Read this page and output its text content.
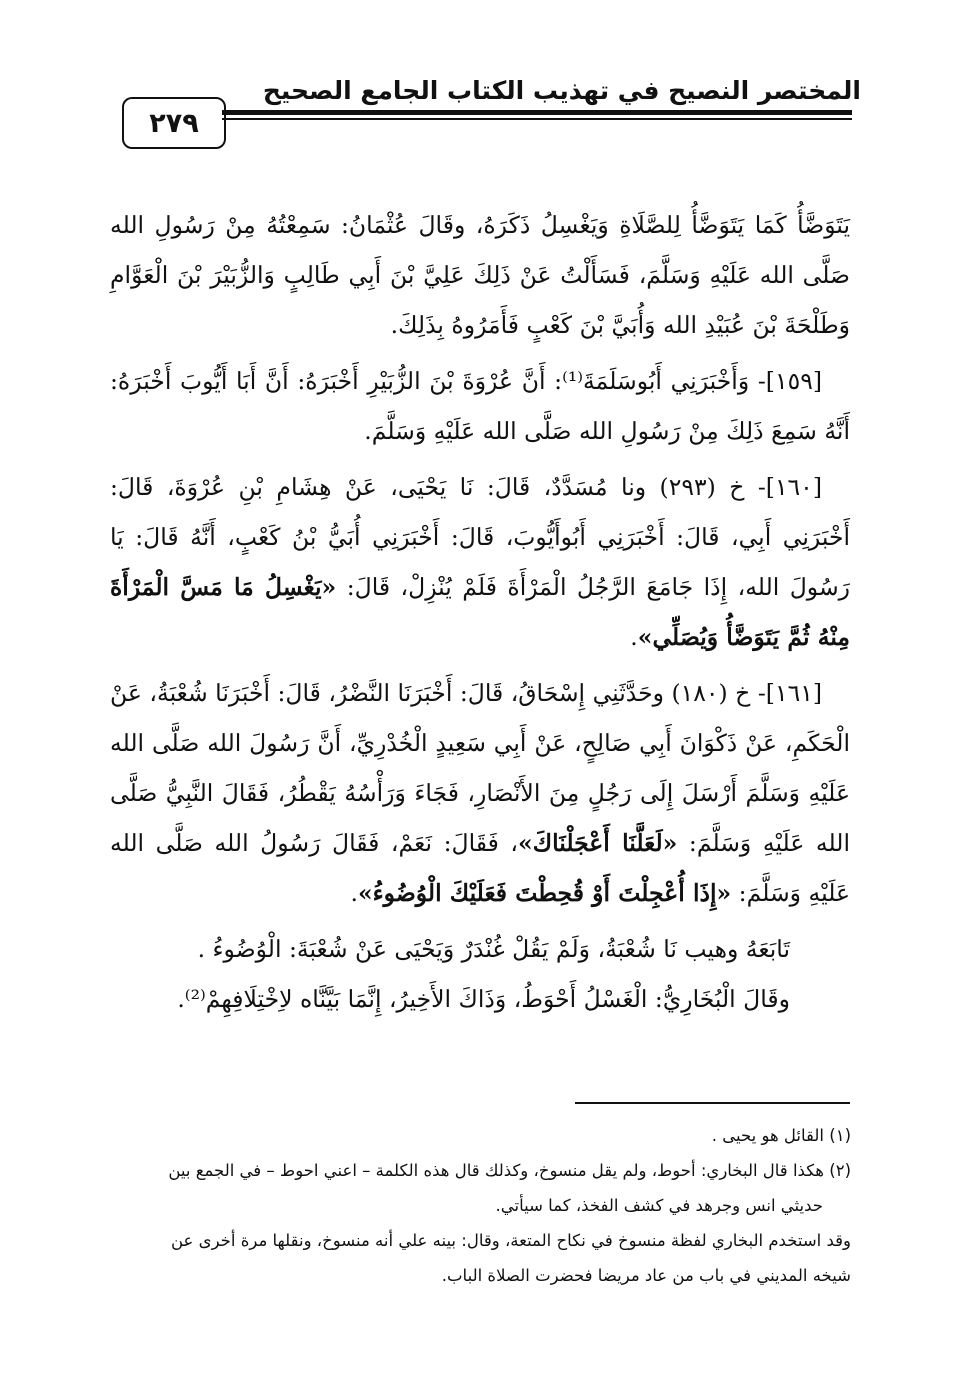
المختصر النصيح في تهذيب الكتاب الجامع الصحيح
٢٧٩

يَتَوَضَّأُ كَمَا يَتَوَضَّأُ لِلصَّلَاةِ وَيَغْسِلُ ذَكَرَهُ، وقَالَ عُثْمَانُ: سَمِعْتُهُ مِنْ رَسُولِ الله صَلَّى الله عَلَيْهِ وَسَلَّمَ، فَسَأَلْتُ عَنْ ذَلِكَ عَلِيَّ بْنَ أَبِي طَالِبٍ وَالزُّبَيْرَ بْنَ الْعَوَّامِ وَطَلْحَةَ بْنَ عُبَيْدِ الله وَأُبَيَّ بْنَ كَعْبٍ فَأَمَرُوهُ بِذَلِكَ.

[١٥٩]- وَأَخْبَرَنِي أَبُوسَلَمَةَ⁽¹⁾: أَنَّ عُرْوَةَ بْنَ الزُّبَيْرِ أَخْبَرَهُ: أَنَّ أَبَا أَيُّوبَ أَخْبَرَهُ: أَنَّهُ سَمِعَ ذَلِكَ مِنْ رَسُولِ الله صَلَّى الله عَلَيْهِ وَسَلَّمَ.

[١٦٠]- خ (٢٩٣) ونا مُسَدَّدٌ، قَالَ: نَا يَحْيَى، عَنْ هِشَامِ بْنِ عُرْوَةَ، قَالَ: أَخْبَرَنِي أَبِي، قَالَ: أَخْبَرَنِي أَبُوأَيُّوبَ، قَالَ: أَخْبَرَنِي أُبَيُّ بْنُ كَعْبٍ، أَنَّهُ قَالَ: يَا رَسُولَ الله، إِذَا جَامَعَ الرَّجُلُ الْمَرْأَةَ فَلَمْ يُنْزِلْ، قَالَ: «يَغْسِلُ مَا مَسَّ الْمَرْأَةَ مِنْهُ ثُمَّ يَتَوَضَّأُ وَيُصَلِّي».

[١٦١]- خ (١٨٠) وحَدَّثَنِي إِسْحَاقُ، قَالَ: أَخْبَرَنَا النَّضْرُ، قَالَ: أَخْبَرَنَا شُعْبَةُ، عَنْ الْحَكَمِ، عَنْ ذَكْوَانَ أَبِي صَالِحٍ، عَنْ أَبِي سَعِيدٍ الْخُدْرِيِّ، أَنَّ رَسُولَ الله صَلَّى الله عَلَيْهِ وَسَلَّمَ أَرْسَلَ إِلَى رَجُلٍ مِنَ الأَنْصَارِ، فَجَاءَ وَرَأْسُهُ يَقْطُرُ، فَقَالَ النَّبِيُّ صَلَّى الله عَلَيْهِ وَسَلَّمَ: «لَعَلَّنَا أَعْجَلْنَاكَ»، فَقَالَ: نَعَمْ، فَقَالَ رَسُولُ الله صَلَّى الله عَلَيْهِ وَسَلَّمَ: «إِذَا أُعْجِلْتَ أَوْ قُحِطْتَ فَعَلَيْكَ الْوُضُوءُ».

تَابَعَهُ وهيب نَا شُعْبَةُ، وَلَمْ يَقُلْ غُنْدَرٌ وَيَحْيَى عَنْ شُعْبَةَ: الْوُضُوءُ .

وقَالَ الْبُخَارِيُّ: الْغَسْلُ أَحْوَطُ، وَذَاكَ الأَخِيرُ، إِنَّمَا بَيَّنَّاه لاِخْتِلَافِهِمْ⁽²⁾.

(١) القائل هو يحيى .

(٢) هكذا قال البخاري: أحوط، ولم يقل منسوخ، وكذلك قال هذه الكلمة – اعني احوط – في الجمع بين

حديثي انس وجرهد في كشف الفخذ، كما سيأتي.

وقد استخدم البخاري لفظة منسوخ في نكاح المتعة، وقال: بينه علي أنه منسوخ، ونقلها مرة أخرى عن

شيخه المديني في باب من عاد مريضا فحضرت الصلاة الباب.
